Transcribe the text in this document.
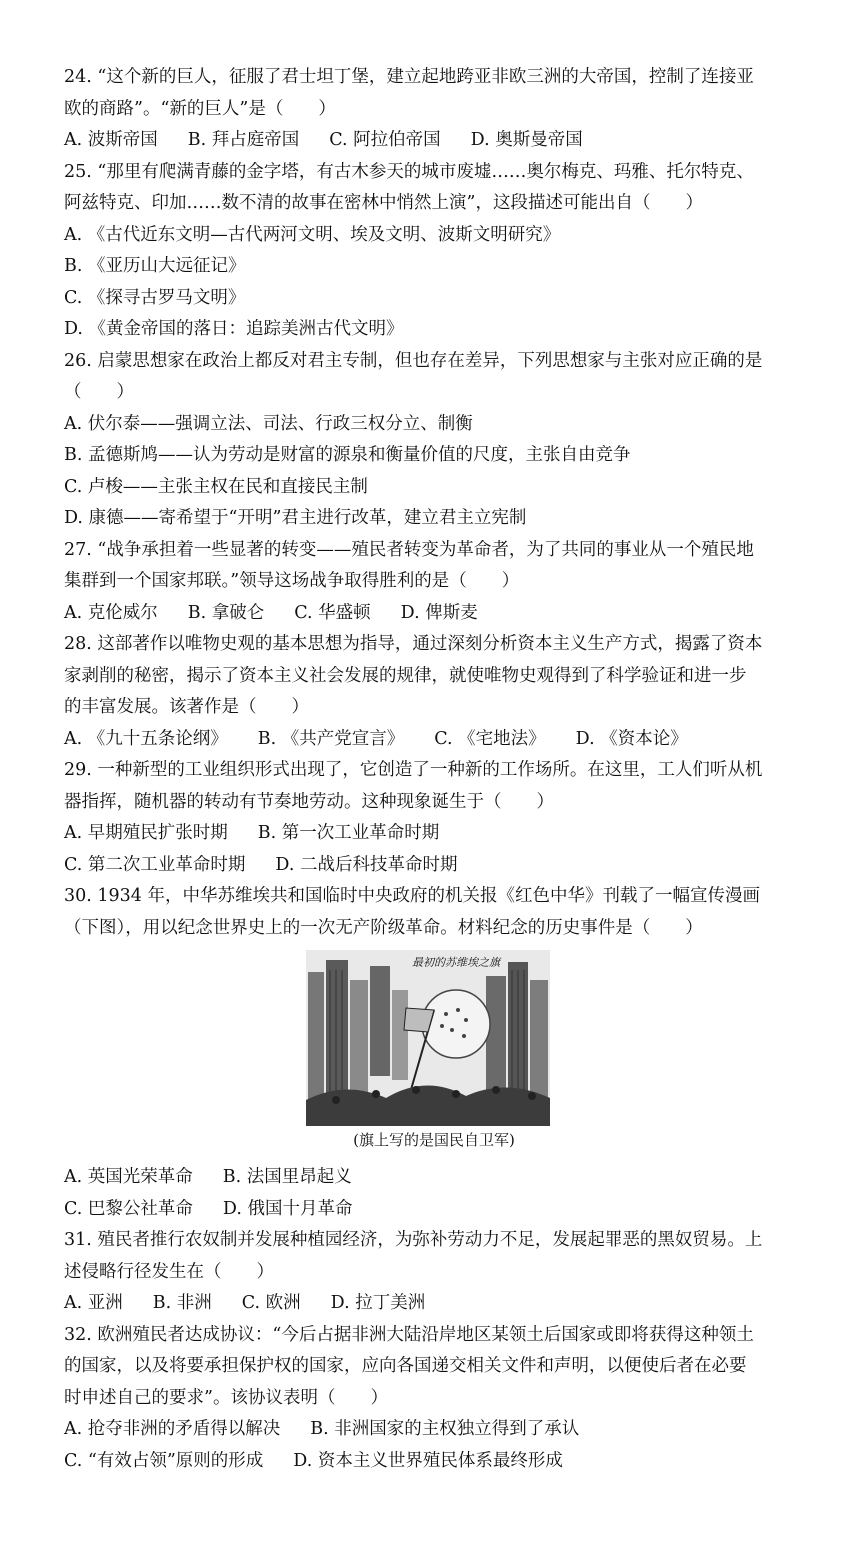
24. “这个新的巨人，征服了君士坦丁堡，建立起地跨亚非欧三洲的大帝国，控制了连接亚
欧的商路”。“新的巨人”是（　　）
A. 波斯帝国 B. 拜占庭帝国 C. 阿拉伯帝国 D. 奥斯曼帝国
25. “那里有爬满青藤的金字塔，有古木参天的城市废墟……奥尔梅克、玛雅、托尔特克、
阿兹特克、印加……数不清的故事在密林中悄然上演”，这段描述可能出自（　　）
A. 《古代近东文明—古代两河文明、埃及文明、波斯文明研究》
B. 《亚历山大远征记》
C. 《探寻古罗马文明》
D. 《黄金帝国的落日：追踪美洲古代文明》
26. 启蒙思想家在政治上都反对君主专制，但也存在差异，下列思想家与主张对应正确的是
（　　）
A. 伏尔泰——强调立法、司法、行政三权分立、制衡
B. 孟德斯鸠——认为劳动是财富的源泉和衡量价值的尺度，主张自由竞争
C. 卢梭——主张主权在民和直接民主制
D. 康德——寄希望于“开明”君主进行改革，建立君主立宪制
27. “战争承担着一些显著的转变——殖民者转变为革命者，为了共同的事业从一个殖民地
集群到一个国家邦联。”领导这场战争取得胜利的是（　　）
A. 克伦威尔 B. 拿破仑 C. 华盛顿 D. 俾斯麦
28. 这部著作以唯物史观的基本思想为指导，通过深刻分析资本主义生产方式，揭露了资本
家剥削的秘密，揭示了资本主义社会发展的规律，就使唯物史观得到了科学验证和进一步
的丰富发展。该著作是（　　）
A. 《九十五条论纲》 B. 《共产党宣言》 C. 《宅地法》 D. 《资本论》
29. 一种新型的工业组织形式出现了，它创造了一种新的工作场所。在这里，工人们听从机
器指挥，随机器的转动有节奏地劳动。这种现象诞生于（　　）
A. 早期殖民扩张时期 B. 第一次工业革命时期
C. 第二次工业革命时期 D. 二战后科技革命时期
30. 1934 年，中华苏维埃共和国临时中央政府的机关报《红色中华》刊载了一幅宣传漫画
（下图），用以纪念世界史上的一次无产阶级革命。材料纪念的历史事件是（　　）
最初的苏维埃之旗
(旗上写的是国民自卫军)
A. 英国光荣革命 B. 法国里昂起义
C. 巴黎公社革命 D. 俄国十月革命
31. 殖民者推行农奴制并发展种植园经济，为弥补劳动力不足，发展起罪恶的黑奴贸易。上
述侵略行径发生在（　　）
A. 亚洲 B. 非洲 C. 欧洲 D. 拉丁美洲
32. 欧洲殖民者达成协议：“今后占据非洲大陆沿岸地区某领土后国家或即将获得这种领土
的国家，以及将要承担保护权的国家，应向各国递交相关文件和声明，以便使后者在必要
时申述自己的要求”。该协议表明（　　）
A. 抢夺非洲的矛盾得以解决 B. 非洲国家的主权独立得到了承认
C. “有效占领”原则的形成 D. 资本主义世界殖民体系最终形成
